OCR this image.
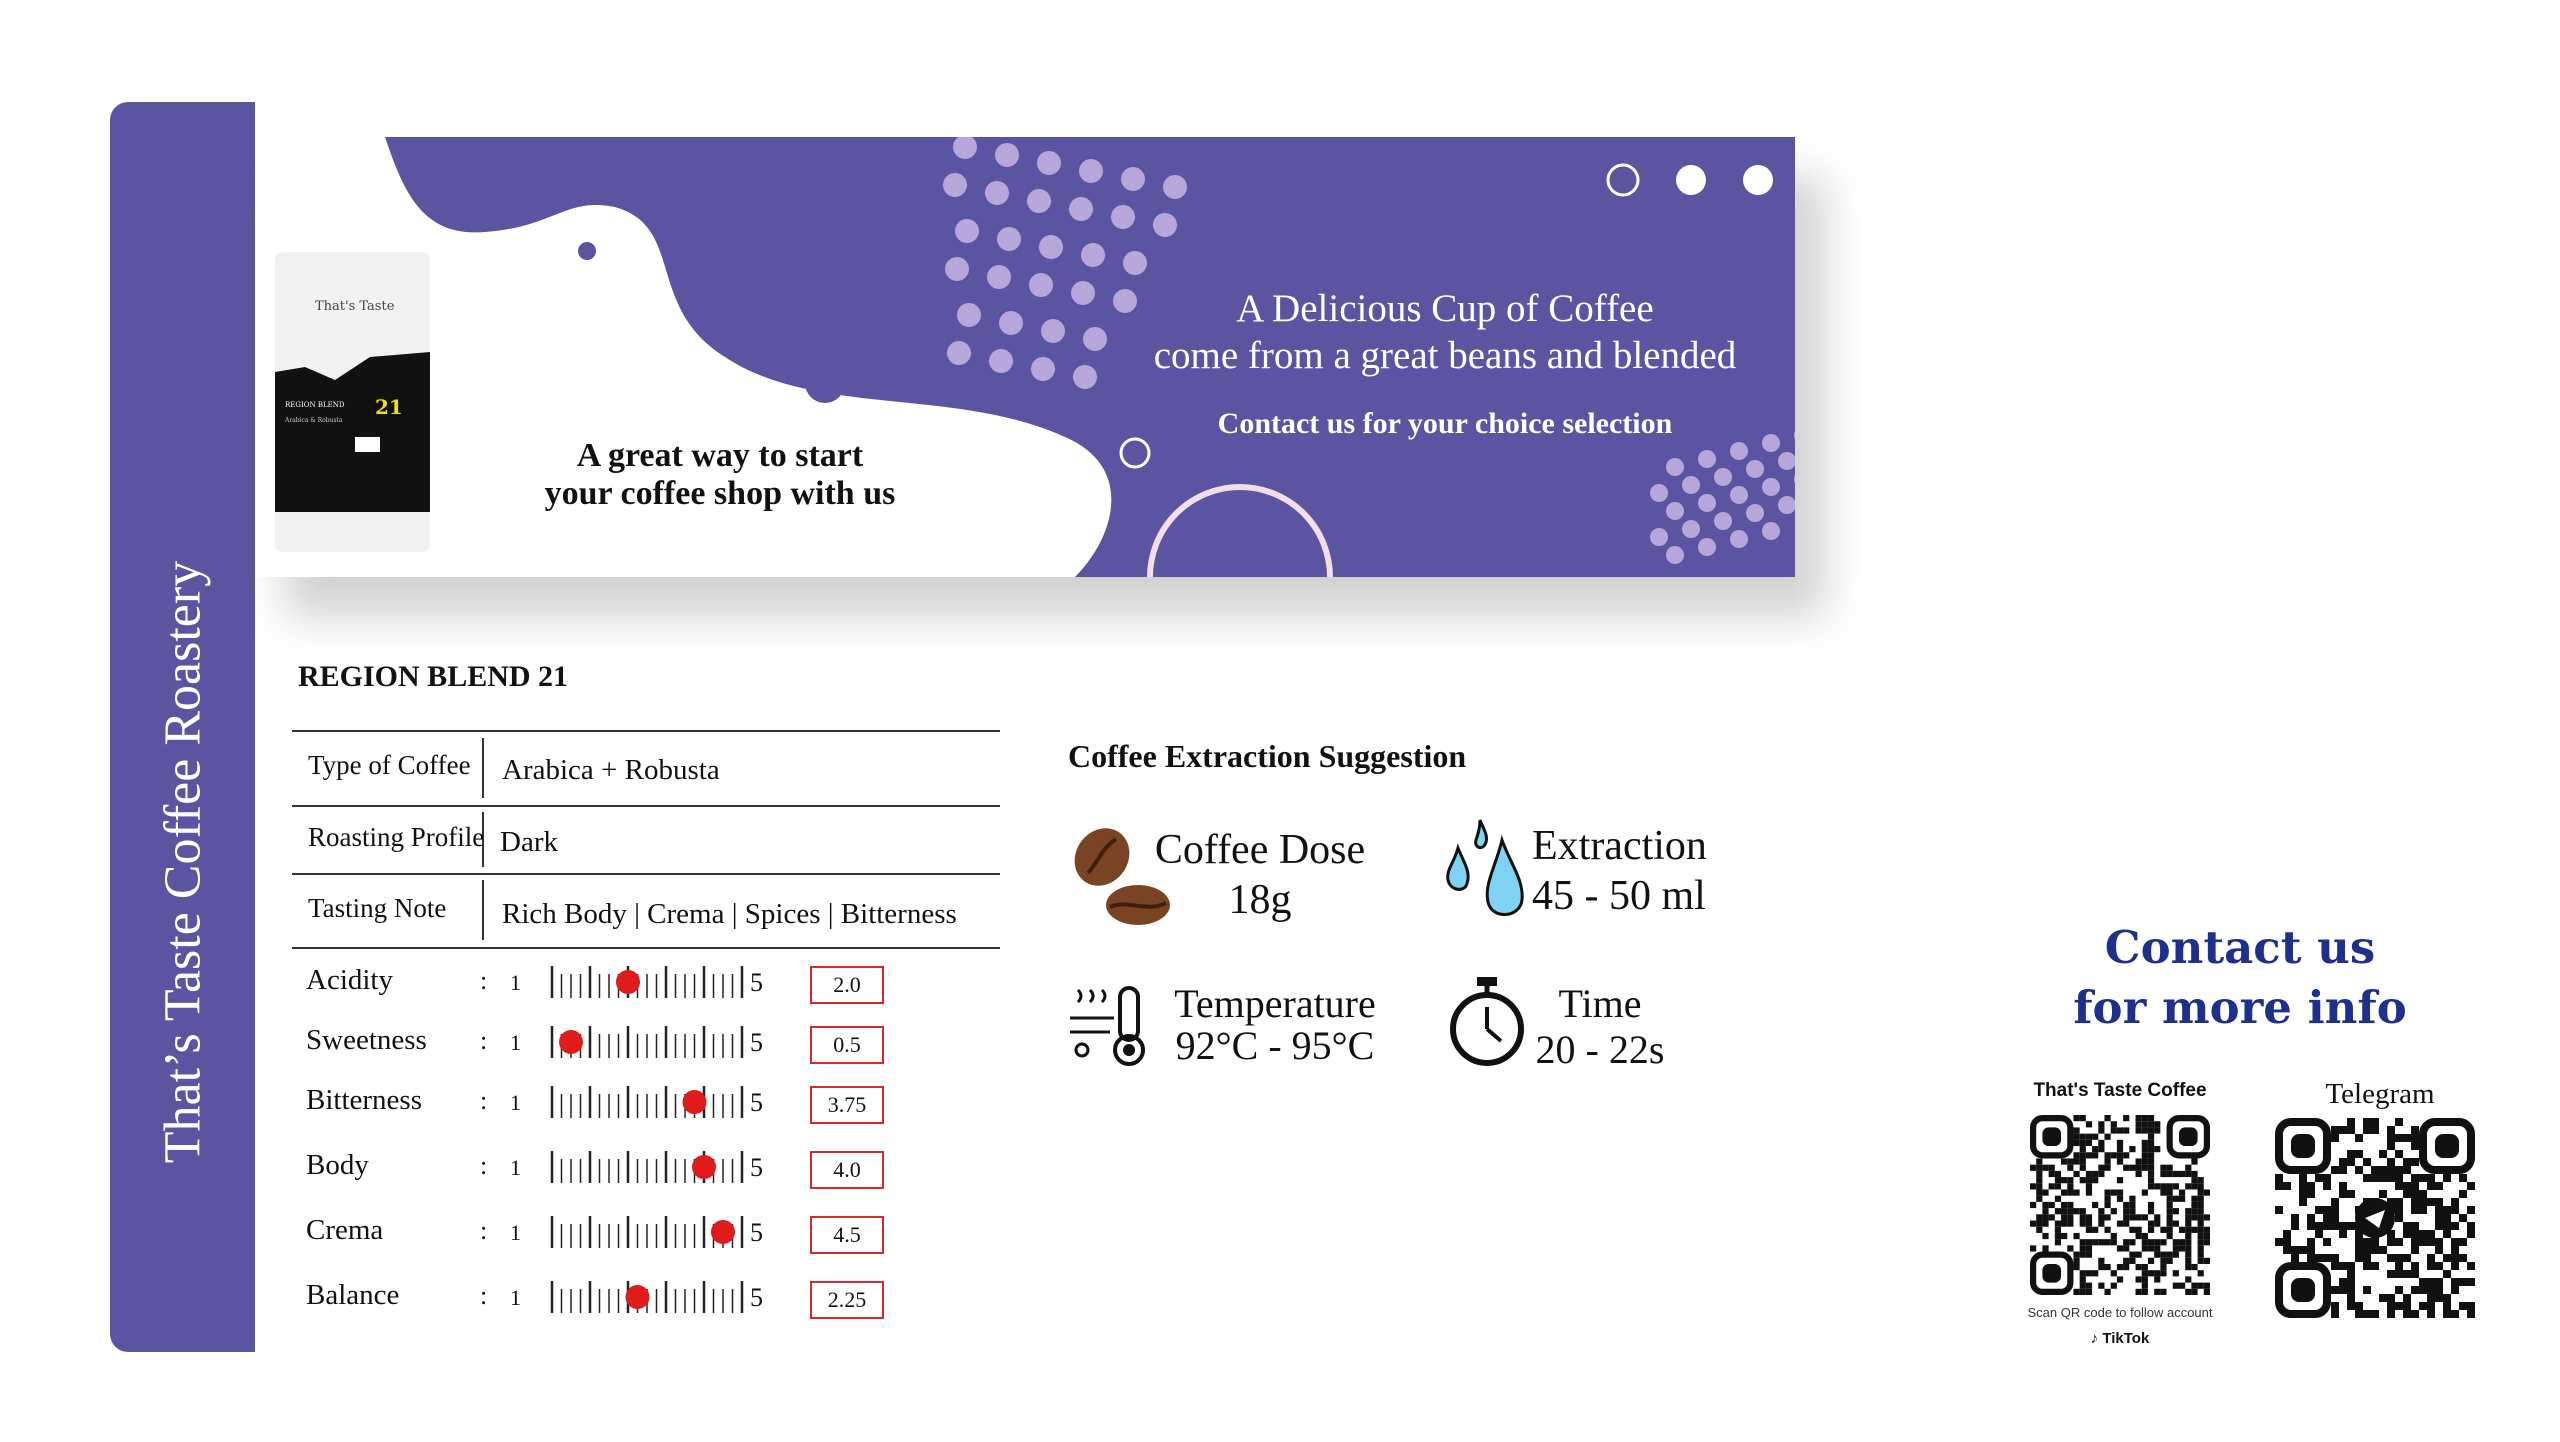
That’s Taste Coffee Roastery
That's Taste
REGION BLEND 21
Arabica & Robusta
A great way to start
your coffee shop with us
A Delicious Cup of Coffee
come from a great beans and blended
Contact us for your choice selection
REGION BLEND 21
Type of Coffee Arabica + Robusta
Roasting Profile Dark
Tasting Note Rich Body | Crema | Spices | Bitterness
Acidity	: 1	5	2.0
Sweetness : 1	5	0.5
Bitterness : 1	5	3.75
Body	: 1	5	4.0
Crema	: 1	5	4.5
Balance	: 1	5	2.25
Coffee Extraction Suggestion
Coffee Dose
18g
Extraction
45 - 50 ml
Temperature
92°C - 95°C
Time
20 - 22s
Contact us
for more info
That's Taste Coffee
Scan QR code to follow account
♪ TikTok
Telegram
